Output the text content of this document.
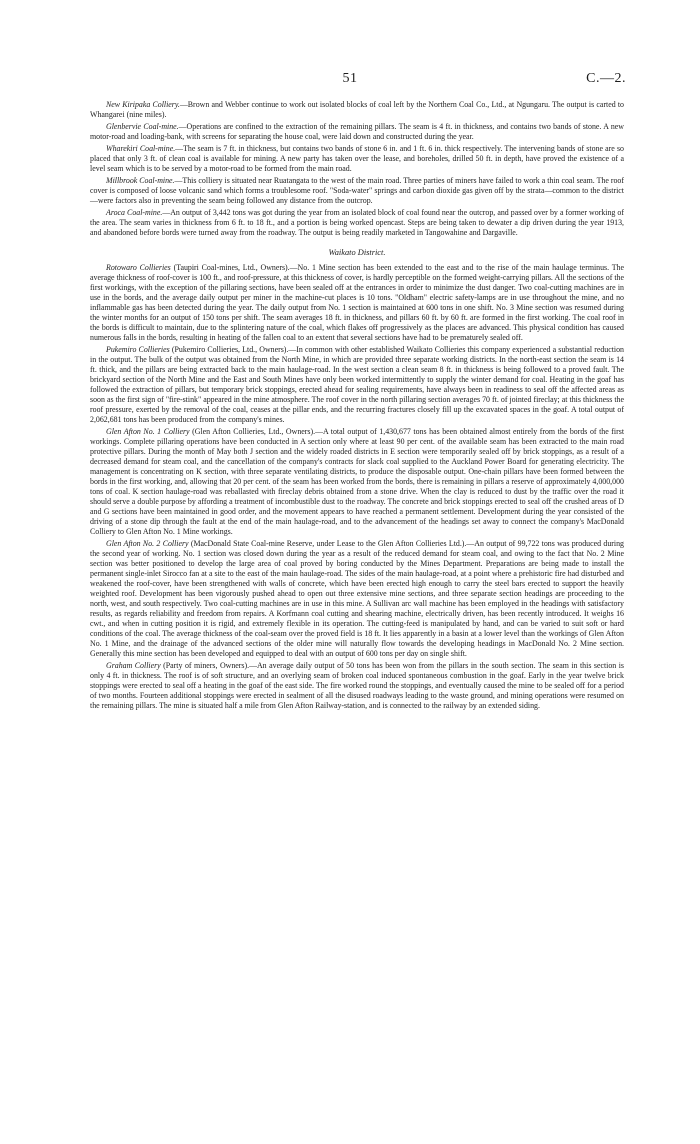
51	C.—2.

New Kiripaka Colliery.—Brown and Webber continue to work out isolated blocks of coal left by the Northern Coal Co., Ltd., at Ngungaru. The output is carted to Whangarei (nine miles).

Glenbervie Coal-mine.—Operations are confined to the extraction of the remaining pillars. The seam is 4 ft. in thickness, and contains two bands of stone. A new motor-road and loading-bank, with screens for separating the house coal, were laid down and constructed during the year.

Wharekiri Coal-mine.—The seam is 7 ft. in thickness, but contains two bands of stone 6 in. and 1 ft. 6 in. thick respectively. The intervening bands of stone are so placed that only 3 ft. of clean coal is available for mining. A new party has taken over the lease, and boreholes, drilled 50 ft. in depth, have proved the existence of a level seam which is to be served by a motor-road to be formed from the main road.

Millbrook Coal-mine.—This colliery is situated near Ruatangata to the west of the main road. Three parties of miners have failed to work a thin coal seam. The roof cover is composed of loose volcanic sand which forms a troublesome roof. "Soda-water" springs and carbon dioxide gas given off by the strata—common to the district—were factors also in preventing the seam being followed any distance from the outcrop.

Aroca Coal-mine.—An output of 3,442 tons was got during the year from an isolated block of coal found near the outcrop, and passed over by a former working of the area. The seam varies in thickness from 6 ft. to 18 ft., and a portion is being worked opencast. Steps are being taken to dewater a dip driven during the year 1913, and abandoned before bords were turned away from the roadway. The output is being readily marketed in Tangowahine and Dargaville.

Waikato District.

Rotowaro Collieries (Taupiri Coal-mines, Ltd., Owners).—No. 1 Mine section has been extended to the east and to the rise of the main haulage terminus. The average thickness of roof-cover is 100 ft., and roof-pressure, at this thickness of cover, is hardly perceptible on the formed weight-carrying pillars. All the sections of the first workings, with the exception of the pillaring sections, have been sealed off at the entrances in order to minimize the dust danger. Two coal-cutting machines are in use in the bords, and the average daily output per miner in the machine-cut places is 10 tons. "Oldham" electric safety-lamps are in use throughout the mine, and no inflammable gas has been detected during the year. The daily output from No. 1 section is maintained at 600 tons in one shift. No. 3 Mine section was resumed during the winter months for an output of 150 tons per shift. The seam averages 18 ft. in thickness, and pillars 60 ft. by 60 ft. are formed in the first working. The coal roof in the bords is difficult to maintain, due to the splintering nature of the coal, which flakes off progressively as the places are advanced. This physical condition has caused numerous falls in the bords, resulting in heating of the fallen coal to an extent that several sections have had to be prematurely sealed off.

Pukemiro Collieries (Pukemiro Collieries, Ltd., Owners).—In common with other established Waikato Collieries this company experienced a substantial reduction in the output. The bulk of the output was obtained from the North Mine, in which are provided three separate working districts. In the north-east section the seam is 14 ft. thick, and the pillars are being extracted back to the main haulage-road. In the west section a clean seam 8 ft. in thickness is being followed to a proved fault. The brickyard section of the North Mine and the East and South Mines have only been worked intermittently to supply the winter demand for coal. Heating in the goaf has followed the extraction of pillars, but temporary brick stoppings, erected ahead for sealing requirements, have always been in readiness to seal off the affected areas as soon as the first sign of "fire-stink" appeared in the mine atmosphere. The roof cover in the north pillaring section averages 70 ft. of jointed fireclay; at this thickness the roof pressure, exerted by the removal of the coal, ceases at the pillar ends, and the recurring fractures closely fill up the excavated spaces in the goaf. A total output of 2,062,681 tons has been produced from the company's mines.

Glen Afton No. 1 Colliery (Glen Afton Collieries, Ltd., Owners).—A total output of 1,430,677 tons has been obtained almost entirely from the bords of the first workings. Complete pillaring operations have been conducted in A section only where at least 90 per cent. of the available seam has been extracted to the main road protective pillars. During the month of May both J section and the widely roaded districts in E section were temporarily sealed off by brick stoppings, as a result of a decreased demand for steam coal, and the cancellation of the company's contracts for slack coal supplied to the Auckland Power Board for generating electricity. The management is concentrating on K section, with three separate ventilating districts, to produce the disposable output. One-chain pillars have been formed between the bords in the first working, and, allowing that 20 per cent. of the seam has been worked from the bords, there is remaining in pillars a reserve of approximately 4,000,000 tons of coal. K section haulage-road was reballasted with fireclay debris obtained from a stone drive. When the clay is reduced to dust by the traffic over the road it should serve a double purpose by affording a treatment of incombustible dust to the roadway. The concrete and brick stoppings erected to seal off the crushed areas of D and G sections have been maintained in good order, and the movement appears to have reached a permanent settlement. Development during the year consisted of the driving of a stone dip through the fault at the end of the main haulage-road, and to the advancement of the headings set away to connect the company's MacDonald Colliery to Glen Afton No. 1 Mine workings.

Glen Afton No. 2 Colliery (MacDonald State Coal-mine Reserve, under Lease to the Glen Afton Collieries Ltd.).—An output of 99,722 tons was produced during the second year of working. No. 1 section was closed down during the year as a result of the reduced demand for steam coal, and owing to the fact that No. 2 Mine section was better positioned to develop the large area of coal proved by boring conducted by the Mines Department. Preparations are being made to install the permanent single-inlet Sirocco fan at a site to the east of the main haulage-road. The sides of the main haulage-road, at a point where a prehistoric fire had disturbed and weakened the roof-cover, have been strengthened with walls of concrete, which have been erected high enough to carry the steel bars erected to support the heavily weighted roof. Development has been vigorously pushed ahead to open out three extensive mine sections, and three separate section headings are proceeding to the north, west, and south respectively. Two coal-cutting machines are in use in this mine. A Sullivan arc wall machine has been employed in the headings with satisfactory results, as regards reliability and freedom from repairs. A Korfmann coal cutting and shearing machine, electrically driven, has been recently introduced. It weighs 16 cwt., and when in cutting position it is rigid, and extremely flexible in its operation. The cutting-feed is manipulated by hand, and can be varied to suit soft or hard conditions of the coal. The average thickness of the coal-seam over the proved field is 18 ft. It lies apparently in a basin at a lower level than the workings of Glen Afton No. 1 Mine, and the drainage of the advanced sections of the older mine will naturally flow towards the developing headings in MacDonald No. 2 Mine section. Generally this mine section has been developed and equipped to deal with an output of 600 tons per day on single shift.

Graham Colliery (Party of miners, Owners).—An average daily output of 50 tons has been won from the pillars in the south section. The seam in this section is only 4 ft. in thickness. The roof is of soft structure, and an overlying seam of broken coal induced spontaneous combustion in the goaf. Early in the year twelve brick stoppings were erected to seal off a heating in the goaf of the east side. The fire worked round the stoppings, and eventually caused the mine to be sealed off for a period of two months. Fourteen additional stoppings were erected in sealment of all the disused roadways leading to the waste ground, and mining operations were resumed on the remaining pillars. The mine is situated half a mile from Glen Afton Railway-station, and is connected to the railway by an extended siding.
